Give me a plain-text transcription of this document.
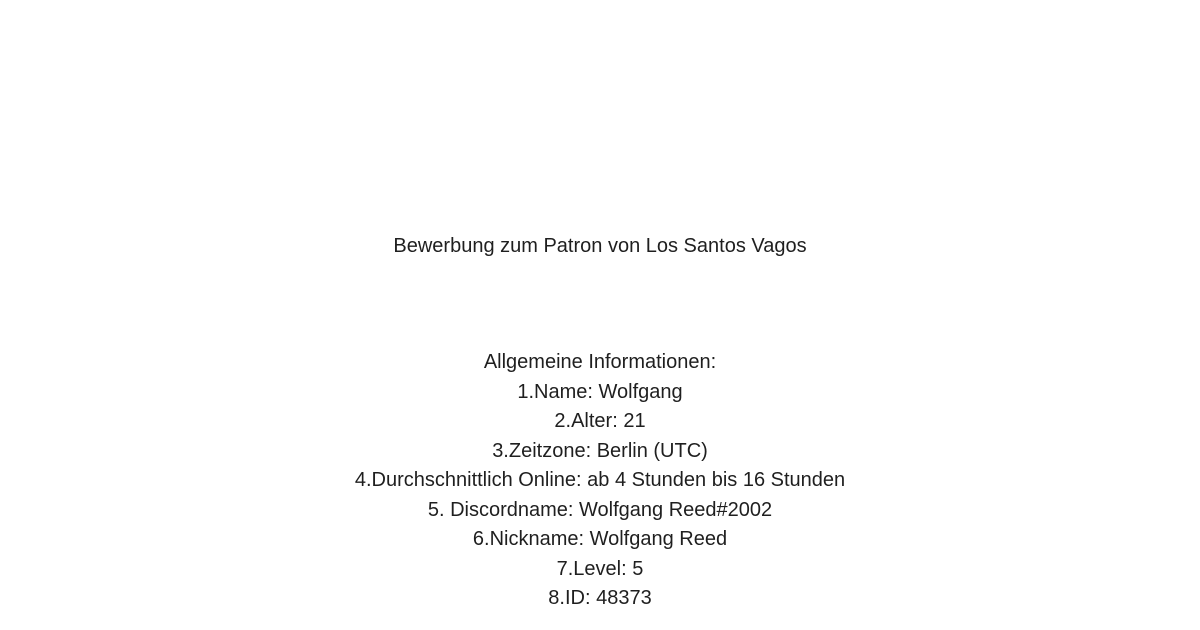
Bewerbung zum Patron von Los Santos Vagos
Allgemeine Informationen:
1.Name: Wolfgang
2.Alter: 21
3.Zeitzone: Berlin (UTC)
4.Durchschnittlich Online: ab 4 Stunden bis 16 Stunden
5. Discordname: Wolfgang Reed#2002
6.Nickname: Wolfgang Reed
7.Level: 5
8.ID: 48373
